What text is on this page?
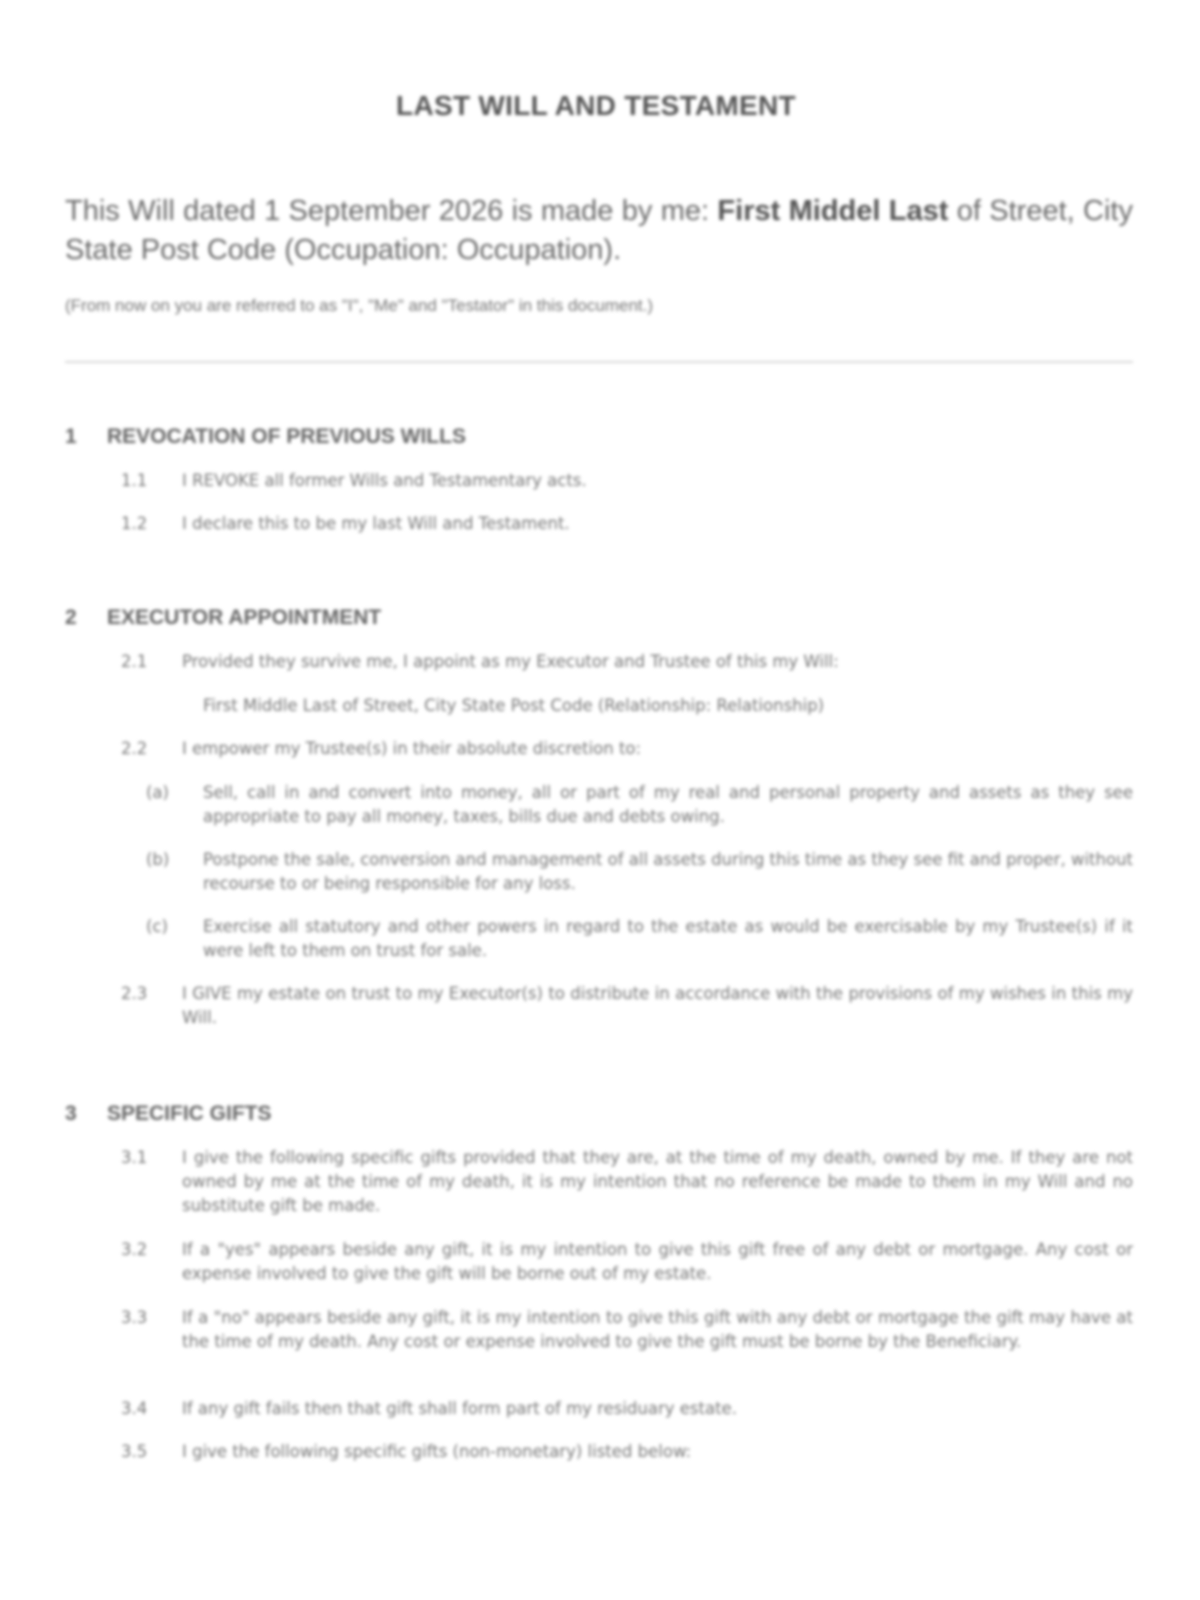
LAST WILL AND TESTAMENT
This Will dated 1 September 2026 is made by me: First Middel Last of Street, City State Post Code (Occupation: Occupation).
(From now on you are referred to as "I", "Me" and "Testator" in this document.)
1 REVOCATION OF PREVIOUS WILLS
1.1	I REVOKE all former Wills and Testamentary acts.
1.2	I declare this to be my last Will and Testament.
2 EXECUTOR APPOINTMENT
2.1	Provided they survive me, I appoint as my Executor and Trustee of this my Will:
First Middle Last of Street, City State Post Code (Relationship: Relationship)
2.2	I empower my Trustee(s) in their absolute discretion to:
(a) Sell, call in and convert into money, all or part of my real and personal property and assets as they see appropriate to pay all money, taxes, bills due and debts owing.
(b) Postpone the sale, conversion and management of all assets during this time as they see fit and proper, without recourse to or being responsible for any loss.
(c) Exercise all statutory and other powers in regard to the estate as would be exercisable by my Trustee(s) if it were left to them on trust for sale.
2.3	I GIVE my estate on trust to my Executor(s) to distribute in accordance with the provisions of my wishes in this my Will.
3 SPECIFIC GIFTS
3.1	I give the following specific gifts provided that they are, at the time of my death, owned by me. If they are not owned by me at the time of my death, it is my intention that no reference be made to them in my Will and no substitute gift be made.
3.2	If a "yes" appears beside any gift, it is my intention to give this gift free of any debt or mortgage. Any cost or expense involved to give the gift will be borne out of my estate.
3.3	If a "no" appears beside any gift, it is my intention to give this gift with any debt or mortgage the gift may have at the time of my death. Any cost or expense involved to give the gift must be borne by the Beneficiary.
3.4	If any gift fails then that gift shall form part of my residuary estate.
3.5	I give the following specific gifts (non-monetary) listed below:
